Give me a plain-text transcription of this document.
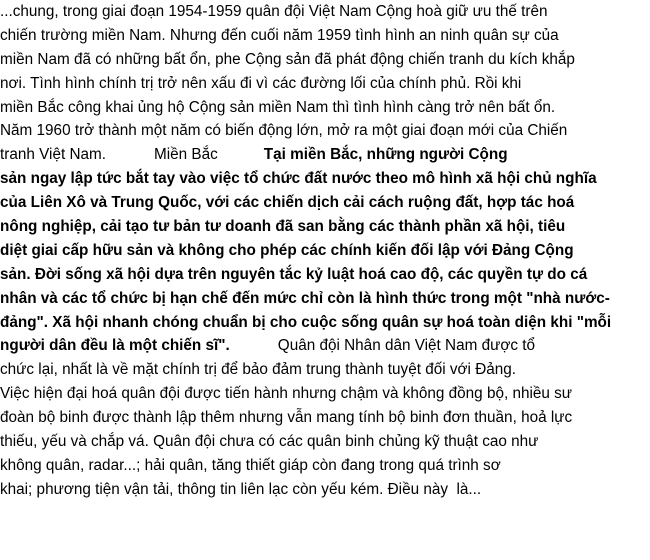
...chung, trong giai đoạn 1954-1959 quân đội Việt Nam Cộng hoà giữ ưu thế trên
chiến trường miền Nam. Nhưng đến cuối năm 1959 tình hình an ninh quân sự của
miền Nam đã có những bất ổn, phe Cộng sản đã phát động chiến tranh du kích khắp
nơi. Tình hình chính trị trở nên xấu đi vì các đường lối của chính phủ. Rồi khi
miền Bắc công khai ủng hộ Cộng sản miền Nam thì tình hình càng trở nên bất ổn.
Năm 1960 trở thành một năm có biến động lớn, mở ra một giai đoạn mới của Chiến
tranh Việt Nam.	Miền Bắc	Tại miền Bắc, những người Cộng
sản ngay lập tức bắt tay vào việc tổ chức đất nước theo mô hình xã hội chủ nghĩa
của Liên Xô và Trung Quốc, với các chiến dịch cải cách ruộng đất, hợp tác hoá
nông nghiệp, cải tạo tư bản tư doanh đã san bằng các thành phần xã hội, tiêu
diệt giai cấp hữu sản và không cho phép các chính kiến đối lập với Đảng Cộng
sản. Đời sống xã hội dựa trên nguyên tắc kỷ luật hoá cao độ, các quyền tự do cá
nhân và các tổ chức bị hạn chế đến mức chỉ còn là hình thức trong một "nhà nước-
đảng". Xã hội nhanh chóng chuẩn bị cho cuộc sống quân sự hoá toàn diện khi "mỗi
người dân đều là một chiến sĩ".	Quân đội Nhân dân Việt Nam được tổ
chức lại, nhất là về mặt chính trị để bảo đảm trung thành tuyệt đối với Đảng.
Việc hiện đại hoá quân đội được tiến hành nhưng chậm và không đồng bộ, nhiều sư
đoàn bộ binh được thành lập thêm nhưng vẫn mang tính bộ binh đơn thuần, hoả lực
thiếu, yếu và chắp vá. Quân đội chưa có các quân binh chủng kỹ thuật cao như
không quân, radar...; hải quân, tăng thiết giáp còn đang trong quá trình sơ
khai; phương tiện vận tải, thông tin liên lạc còn yếu kém. Điều này  là...
